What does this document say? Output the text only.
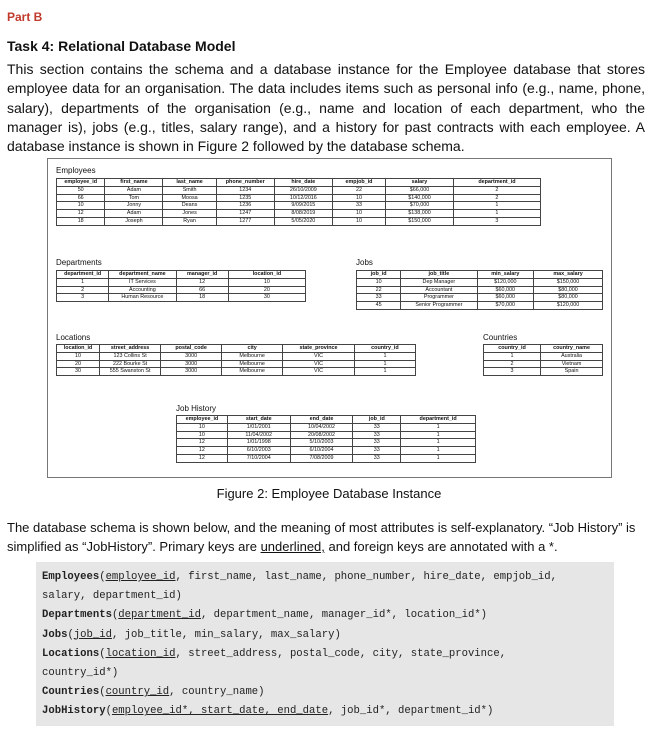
Part B
Task 4: Relational Database Model
This section contains the schema and a database instance for the Employee database that stores employee data for an organisation. The data includes items such as personal info (e.g., name, phone, salary), departments of the organisation (e.g., name and location of each department, who the manager is), jobs (e.g., titles, salary range), and a history for past contracts with each employee. A database instance is shown in Figure 2 followed by the database schema.
Employees
employee_id	first_name	last_name	phone_number	hire_date	empjob_id	salary	department_id
50	Adam	Smith	1234	26/10/2009	22	$66,000	2
66	Tom	Moosa	1235	10/12/2016	10	$140,000	2
10	Jonny	Deans	1236	9/09/2015	33	$70,000	1
12	Adam	Jones	1247	8/08/2019	10	$138,000	1
18	Joseph	Ryan	1277	5/05/2020	10	$150,000	3
Departments
department_id	department_name	manager_id	location_id
1	IT Services	12	10
2	Accounting	66	20
3	Human Resource	18	30
Jobs
job_id	job_title	min_salary	max_salary
10	Dep Manager	$120,000	$150,000
22	Accountant	$60,000	$80,000
33	Programmer	$60,000	$80,000
45	Senior Programmer	$70,000	$120,000
Locations
location_id	street_address	postal_code	city	state_province	country_id
10	123 Collins St	3000	Melbourne	VIC	1
20	222 Bourke St	3000	Melbourne	VIC	1
30	555 Swanston St	3000	Melbourne	VIC	1
Countries
country_id	country_name
1	Australia
2	Vietnam
3	Spain
Job History
employee_id	start_date	end_date	job_id	department_id
10	1/01/2001	10/04/2002	33	1
10	11/04/2002	20/08/2002	33	1
12	1/01/1998	5/10/2003	33	1
12	6/10/2003	6/10/2004	33	1
12	7/10/2004	7/08/2009	33	1
Figure 2: Employee Database Instance
The database schema is shown below, and the meaning of most attributes is self-explanatory. “Job History” is simplified as “JobHistory”. Primary keys are underlined, and foreign keys are annotated with a *.
Employees(employee_id, first_name, last_name, phone_number, hire_date, empjob_id,
salary, department_id)
Departments(department_id, department_name, manager_id*, location_id*)
Jobs(job_id, job_title, min_salary, max_salary)
Locations(location_id, street_address, postal_code, city, state_province,
country_id*)
Countries(country_id, country_name)
JobHistory(employee_id*, start_date, end_date, job_id*, department_id*)
